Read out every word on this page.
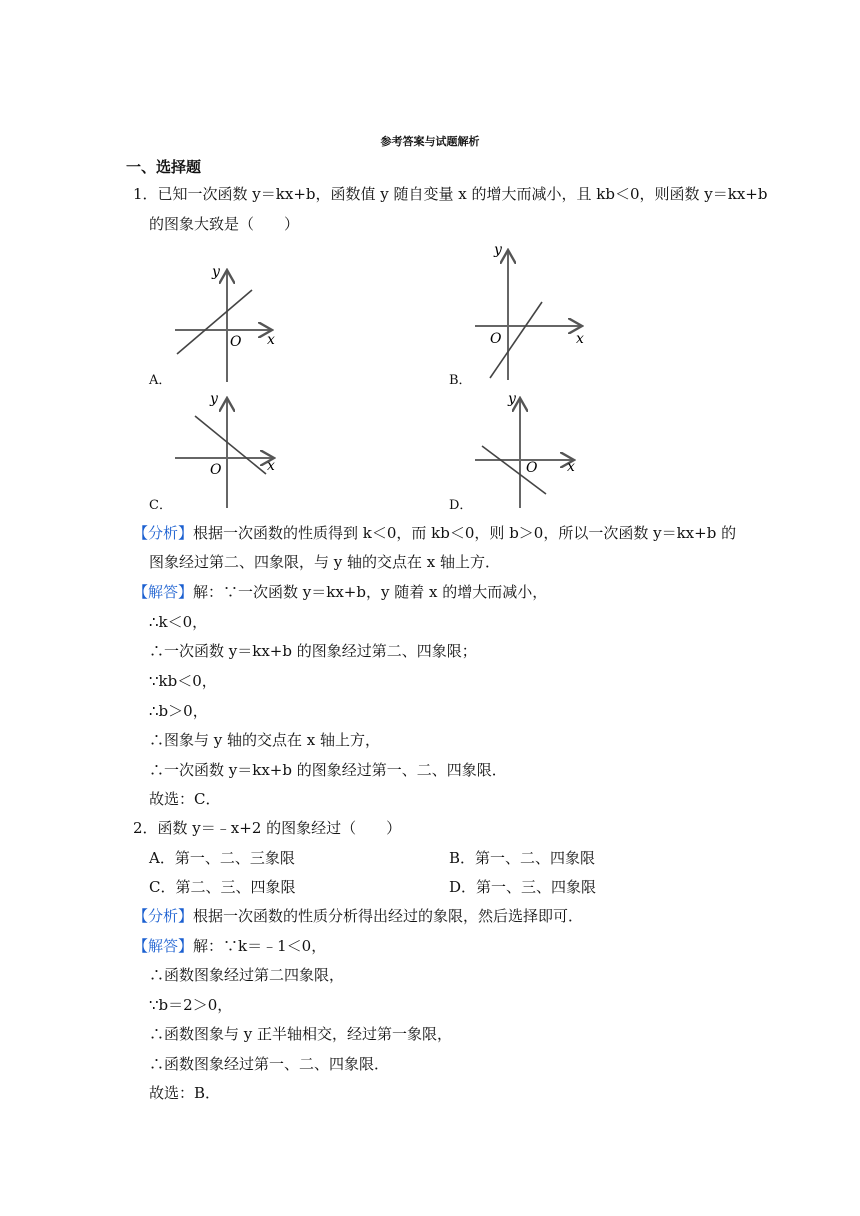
参考答案与试题解析
一、选择题
1．已知一次函数 y＝kx+b，函数值 y 随自变量 x 的增大而减小，且 kb＜0，则函数 y＝kx+b
的图象大致是（　　）
x
y
O
A．
x
y
O
B．
x
y
O
C．
x
y
O
D．
【分析】根据一次函数的性质得到 k＜0，而 kb＜0，则 b＞0，所以一次函数 y＝kx+b 的
图象经过第二、四象限，与 y 轴的交点在 x 轴上方．
【解答】解：∵一次函数 y＝kx+b，y 随着 x 的增大而减小，
∴k＜0，
∴一次函数 y＝kx+b 的图象经过第二、四象限；
∵kb＜0，
∴b＞0，
∴图象与 y 轴的交点在 x 轴上方，
∴一次函数 y＝kx+b 的图象经过第一、二、四象限．
故选：C．
2．函数 y＝﹣x+2 的图象经过（　　）
A．第一、二、三象限	B．第一、二、四象限
C．第二、三、四象限	D．第一、三、四象限
【分析】根据一次函数的性质分析得出经过的象限，然后选择即可．
【解答】解：∵k＝﹣1＜0，
∴函数图象经过第二四象限，
∵b＝2＞0，
∴函数图象与 y 正半轴相交，经过第一象限，
∴函数图象经过第一、二、四象限．
故选：B．
